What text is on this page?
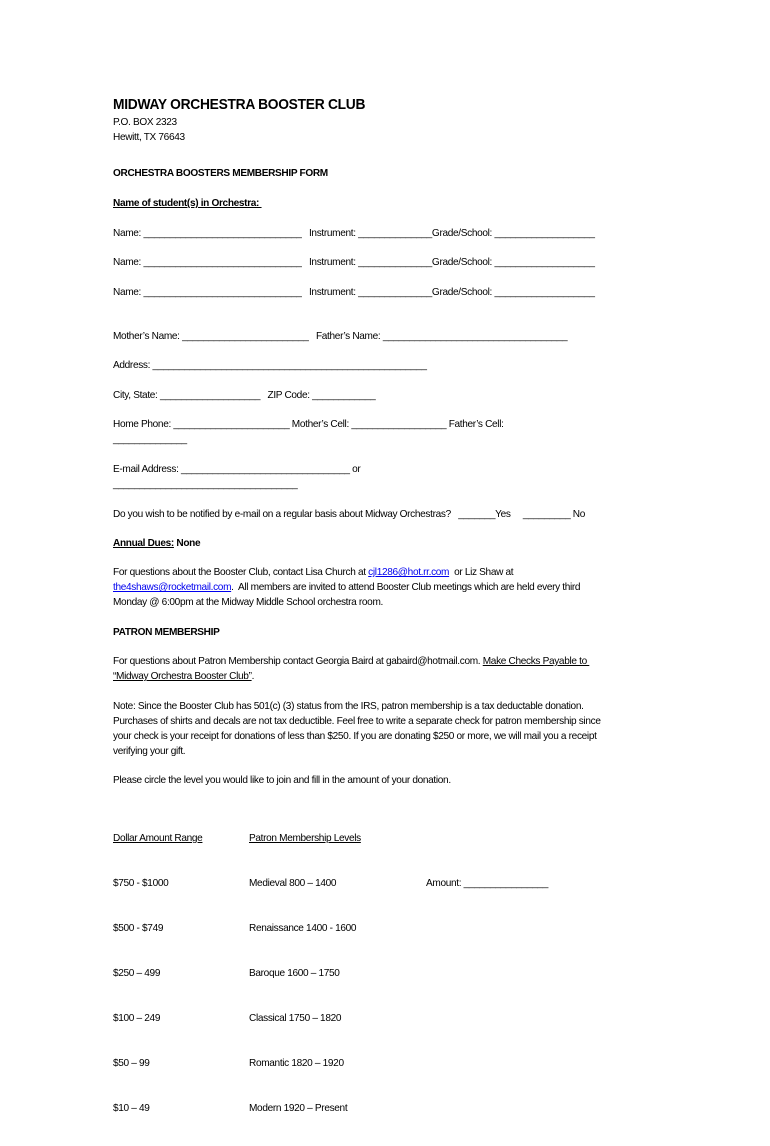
MIDWAY ORCHESTRA BOOSTER CLUB
P.O. BOX 2323
Hewitt, TX 76643
ORCHESTRA BOOSTERS MEMBERSHIP FORM
Name of student(s) in Orchestra:
Name: ______________________________   Instrument: ______________Grade/School: ___________________
Name: ______________________________   Instrument: ______________Grade/School: ___________________
Name: ______________________________   Instrument: ______________Grade/School: ___________________
Mother’s Name: ________________________   Father’s Name: ___________________________________
Address: ____________________________________________________
City, State: ___________________   ZIP Code: ____________
Home Phone: ______________________ Mother’s Cell: __________________ Father’s Cell:
______________
E-mail Address: ________________________________ or
___________________________________
Do you wish to be notified by e-mail on a regular basis about Midway Orchestras?   _______Yes     _________ No
Annual Dues: None
For questions about the Booster Club, contact Lisa Church at cjl1286@hot.rr.com  or Liz Shaw at
the4shaws@rocketmail.com.  All members are invited to attend Booster Club meetings which are held every third
Monday @ 6:00pm at the Midway Middle School orchestra room.
PATRON MEMBERSHIP
For questions about Patron Membership contact Georgia Baird at gabaird@hotmail.com. Make Checks Payable to
“Midway Orchestra Booster Club”.
Note: Since the Booster Club has 501(c) (3) status from the IRS, patron membership is a tax deductable donation.
Purchases of shirts and decals are not tax deductible. Feel free to write a separate check for patron membership since
your check is your receipt for donations of less than $250. If you are donating $250 or more, we will mail you a receipt
verifying your gift.
Please circle the level you would like to join and fill in the amount of your donation.

Dollar Amount Range

$750 - $1000

$500 - $749

$250 – 499

$100 – 249

$50 – 99

$10 – 49

Patron Membership Levels

Medieval 800 – 1400

Renaissance 1400 - 1600

Baroque 1600 – 1750

Classical 1750 – 1820

Romantic 1820 – 1920

Modern 1920 – Present

Amount: ________________
